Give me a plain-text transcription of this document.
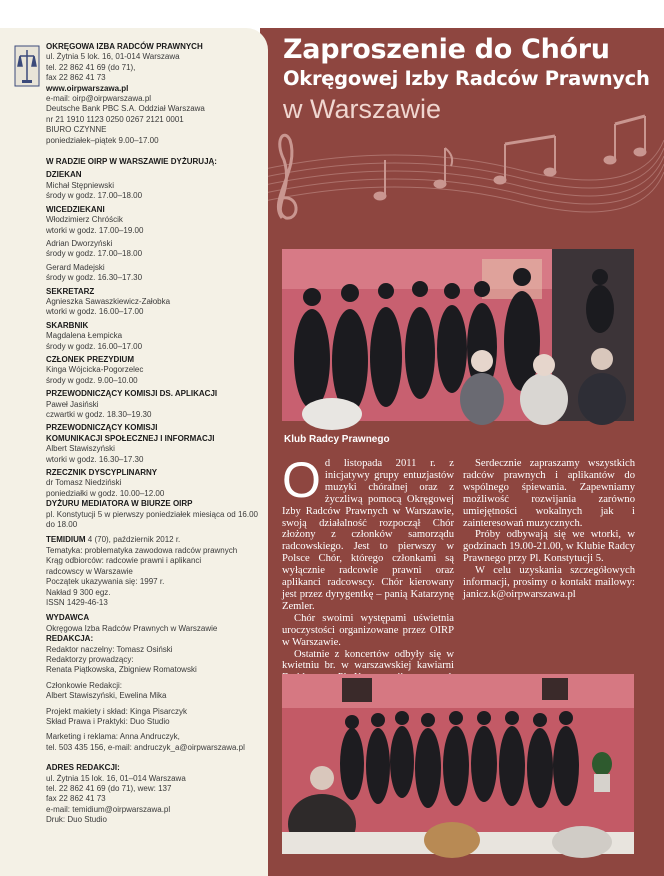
OKRĘGOWA IZBA RADCÓW PRAWNYCH
ul. Żytnia 5 lok. 16, 01-014 Warszawa
tel. 22 862 41 69 (do 71),
fax 22 862 41 73
www.oirpwarszawa.pl
e-mail: oirp@oirpwarszawa.pl
Deutsche Bank PBC S.A. Oddział Warszawa
nr 21 1910 1123 0250 0267 2121 0001
BIURO CZYNNE
poniedziałek–piątek 9.00–17.00
W RADZIE OIRP W WARSZAWIE DYŻURUJĄ:
DZIEKAN
Michał Stępniewski
środy w godz. 17.00–18.00
WICEDZIEKANI
Włodzimierz Chróścik
wtorki w godz. 17.00–19.00
Adrian Dworzyński
środy w godz. 17.00–18.00
Gerard Madejski
środy w godz. 16.30–17.30
SEKRETARZ
Agnieszka Sawaszkiewicz-Załobka
wtorki w godz. 16.00–17.00
SKARBNIK
Magdalena Łempicka
środy w godz. 16.00–17.00
CZŁONEK PREZYDIUM
Kinga Wójcicka-Pogorzelec
środy w godz. 9.00–10.00
PRZEWODNICZĄCY KOMISJI DS. APLIKACJI
Paweł Jasiński
czwartki w godz. 18.30–19.30
PRZEWODNICZĄCY KOMISJI
KOMUNIKACJI SPOŁECZNEJ I INFORMACJI
Albert Stawiszyński
wtorki w godz. 16.30–17.30
RZECZNIK DYSCYPLINARNY
dr Tomasz Niedziński
poniedziałki w godz. 10.00–12.00
DYŻURU MEDIATORA W BIURZE OIRP
pl. Konstytucji 5 w pierwszy poniedziałek miesiąca od 16.00 do 18.00
TEMIDIUM 4 (70), październik 2012 r.
Tematyka: problematyka zawodowa radców prawnych
Krąg odbiorców: radcowie prawni i aplikanci
radcowscy w Warszawie
Początek ukazywania się: 1997 r.
Nakład 9 300 egz.
ISSN 1429-46-13
WYDAWCA
Okręgowa Izba Radców Prawnych w Warszawie
REDAKCJA:
Redaktor naczelny: Tomasz Osiński
Redaktorzy prowadzący:
Renata Piątkowska, Zbigniew Romatowski
Członkowie Redakcji:
Albert Stawiszyński, Ewelina Mika
Projekt makiety i skład: Kinga Pisarczyk
Skład Prawa i Praktyki: Duo Studio
Marketing i reklama: Anna Andruczyk,
tel. 503 435 156, e-mail: andruczyk_a@oirpwarszawa.pl
ADRES REDAKCJI:
ul. Żytnia 15 lok. 16, 01–014 Warszawa
tel. 22 862 41 69 (do 71), wew: 137
fax 22 862 41 73
e-mail: temidium@oirpwarszawa.pl
Druk: Duo Studio
Zaproszenie do Chóru
Okręgowej Izby Radców Prawnych
w Warszawie
Klub Radcy Prawnego

Od listopada 2011 r. z inicjatywy grupy entuzjastów muzyki chóralnej oraz z życzliwą pomocą Okręgowej Izby Radców Prawnych w Warszawie, swoją działalność rozpoczął Chór złożony z członków samorządu radcowskiego. Jest to pierwszy w Polsce Chór, którego członkami są wyłącznie radcowie prawni oraz aplikanci radcowscy. Chór kierowany jest przez dyrygentkę – panią Katarzynę Zemler.

Chór swoimi występami uświetnia uroczystości organizowane przez OIRP w Warszawie.

Ostatnie z koncertów odbyły się w kwietniu br. w warszawskiej kawiarni

Serdecznie zapraszamy wszystkich radców prawnych i aplikantów do wspólnego śpiewania. Zapewniamy możliwość rozwijania zarówno umiejętności wokalnych jak i zainteresowań muzycznych.

Próby odbywają się we wtorki, w godzinach 19.00-21.00, w Klubie Radcy Prawnego przy Pl. Konstytucji 5.

W celu uzyskania szczegółowych informacji, prosimy o kontakt mailowy: janicz.k@oirpwarszawa.pl
